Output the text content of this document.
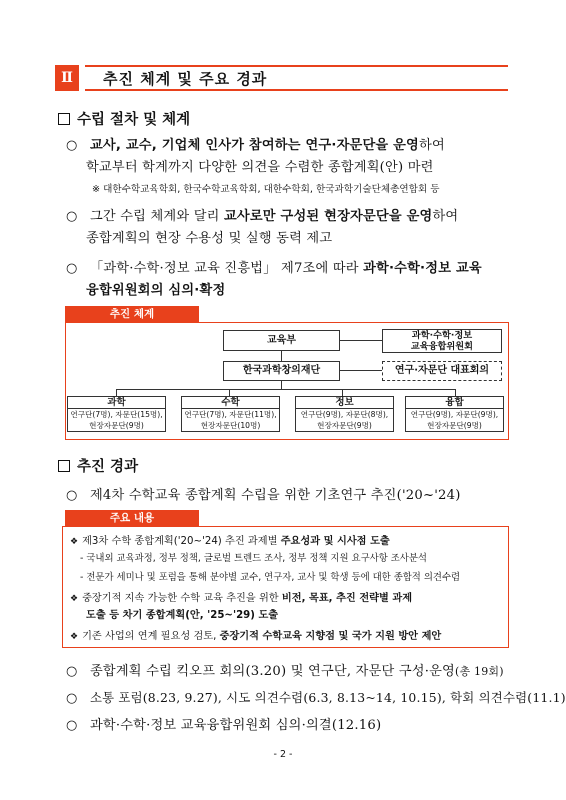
Ⅱ	추진 체계 및 주요 경과
수립 절차 및 체계
○ 교사, 교수, 기업체 인사가 참여하는 연구·자문단을 운영하여
학교부터 학계까지 다양한 의견을 수렴한 종합계획(안) 마련
※ 대한수학교육학회, 한국수학교육학회, 대한수학회, 한국과학기술단체총연합회 등
○ 그간 수립 체계와 달리 교사로만 구성된 현장자문단을 운영하여
종합계획의 현장 수용성 및 실행 동력 제고
○ 「과학·수학·정보 교육 진흥법」 제7조에 따라 과학·수학·정보 교육
융합위원회의 심의·확정
추진 체계
교육부	과학·수학·정보
교육융합위원회
한국과학창의재단	연구·자문단 대표회의
과학
연구단(7명), 자문단(15명),
현장자문단(9명)
수학
연구단(7명), 자문단(11명),
현장자문단(10명)
정보
연구단(9명), 자문단(8명),
현장자문단(9명)
융합
연구단(9명), 자문단(9명),
현장자문단(9명)
추진 경과
○ 제4차 수학교육 종합계획 수립을 위한 기초연구 추진('20~'24)
주요 내용
❖ 제3차 수학 종합계획('20~'24) 추진 과제별 주요성과 및 시사점 도출
- 국내외 교육과정, 정부 정책, 글로벌 트렌드 조사, 정부 정책 지원 요구사항 조사분석
- 전문가 세미나 및 포럼을 통해 분야별 교수, 연구자, 교사 및 학생 등에 대한 종합적 의견수렴
❖ 중장기적 지속 가능한 수학 교육 추진을 위한 비전, 목표, 추진 전략별 과제
도출 등 차기 종합계획(안, '25~'29) 도출
❖ 기존 사업의 연계 필요성 검토, 중장기적 수학교육 지향점 및 국가 지원 방안 제안
○ 종합계획 수립 킥오프 회의(3.20) 및 연구단, 자문단 구성·운영(총 19회)
○ 소통 포럼(8.23, 9.27), 시도 의견수렴(6.3, 8.13~14, 10.15), 학회 의견수렴(11.1)
○ 과학·수학·정보 교육융합위원회 심의·의결(12.16)
- 2 -
